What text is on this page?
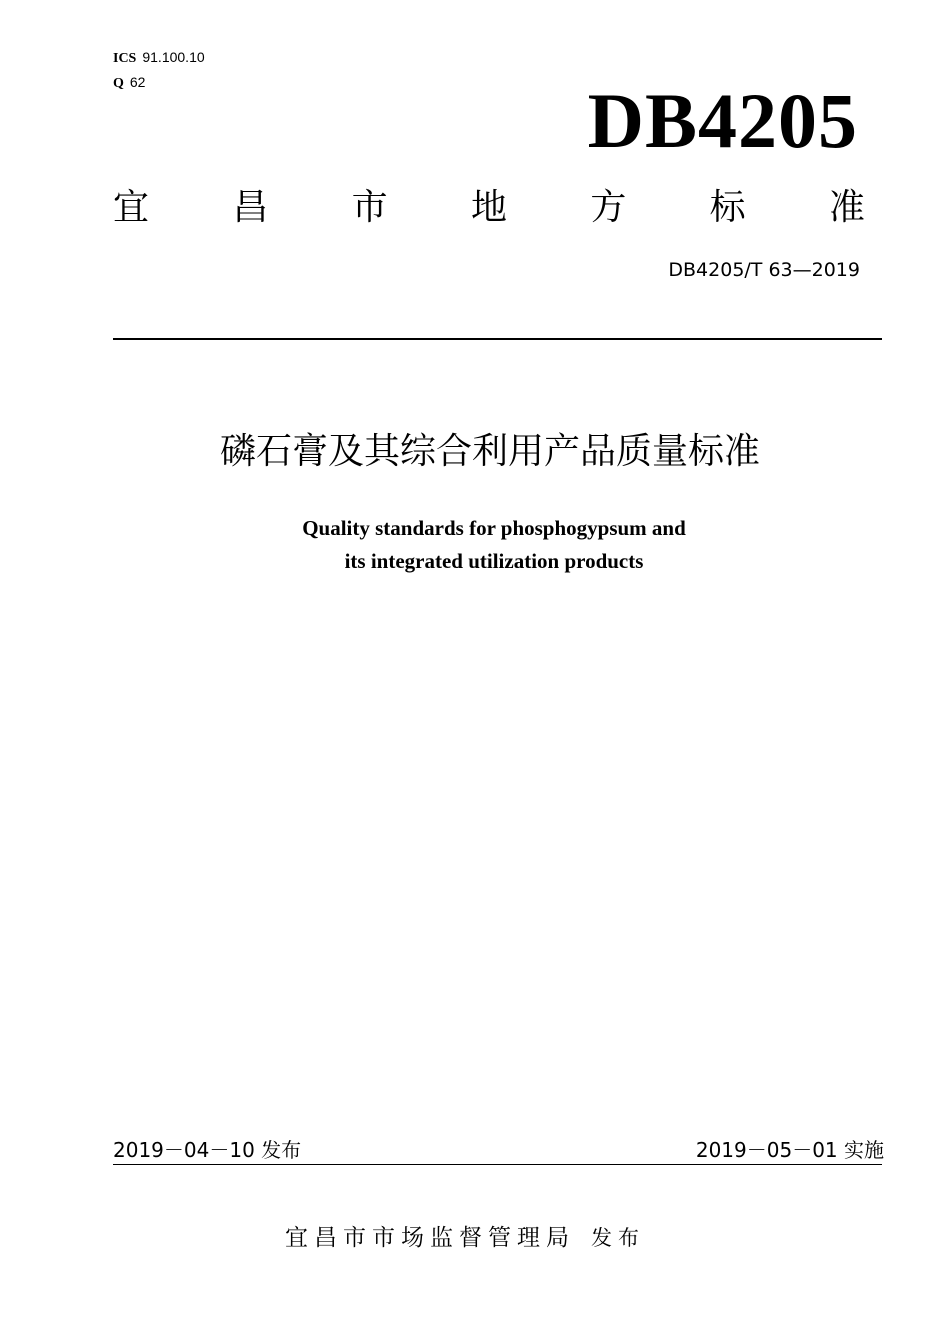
ICS 91.100.10
Q 62	DB4205
宜 昌 市 地 方 标 准
DB4205/T 63—2019
磷石膏及其综合利用产品质量标准
Quality standards for phosphogypsum and
its integrated utilization products
2019－04－10 发布	2019－05－01 实施
宜昌市市场监督管理局 发布
